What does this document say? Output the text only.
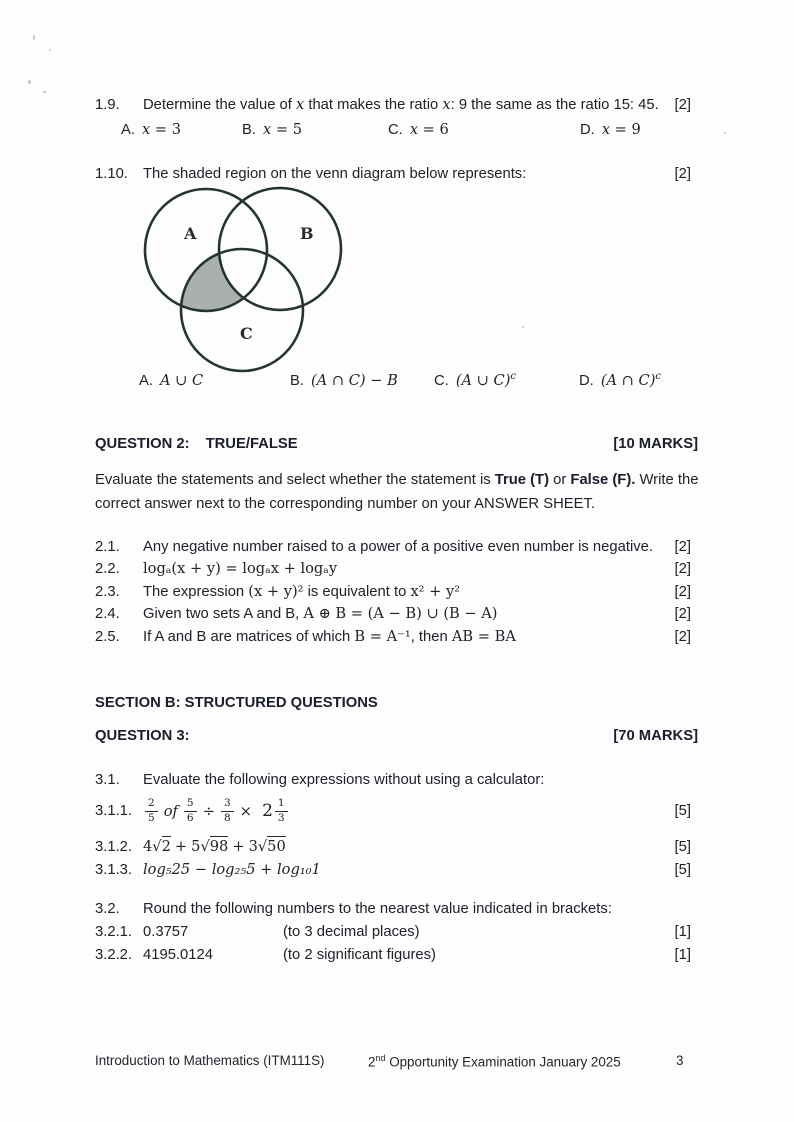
1.9.	Determine the value of x that makes the ratio x: 9 the same as the ratio 15: 45. [2]
A. x = 3	B. x = 5	C. x = 6	D. x = 9
1.10.	The shaded region on the venn diagram below represents:	[2]
A	B
C
A. A ∪ C	B. (A ∩ C) − B C. (A ∪ C)$^c$	D. (A ∩ C)$^c$
QUESTION 2: TRUE/FALSE	[10 MARKS]
Evaluate the statements and select whether the statement is True (T) or False (F). Write the correct answer next to the corresponding number on your ANSWER SHEET.
2.1.	Any negative number raised to a power of a positive even number is negative. [2]
2.2.	logₐ(x + y) = logₐx + logₐy	[2]
2.3.	The expression (x + y)² is equivalent to x² + y²	[2]
2.4.	Given two sets A and B, A ⊕ B = (A − B) ∪ (B − A)	[2]
2.5.	If A and B are matrices of which B = A⁻¹, then AB = BA	[2]
SECTION B: STRUCTURED QUESTIONS
QUESTION 3:	[70 MARKS]
3.1.	Evaluate the following expressions without using a calculator:
3.1.1.	$\frac{2}{5}$ of $\frac{5}{6} \div \frac{3}{8} \times 2 \frac{1}{3}$	[5]
3.1.2. 4√2 + 5√98 + 3√50	[5]
3.1.3. log₅25 − log₂₅5 + log₁₀1	[5]
3.2.	Round the following numbers to the nearest value indicated in brackets:
3.2.1. 0.3757	(to 3 decimal places)	[1]
3.2.2. 4195.0124	(to 2 significant figures)	[1]
Introduction to Mathematics (ITM111S)	2nd Opportunity Examination January 2025	3
